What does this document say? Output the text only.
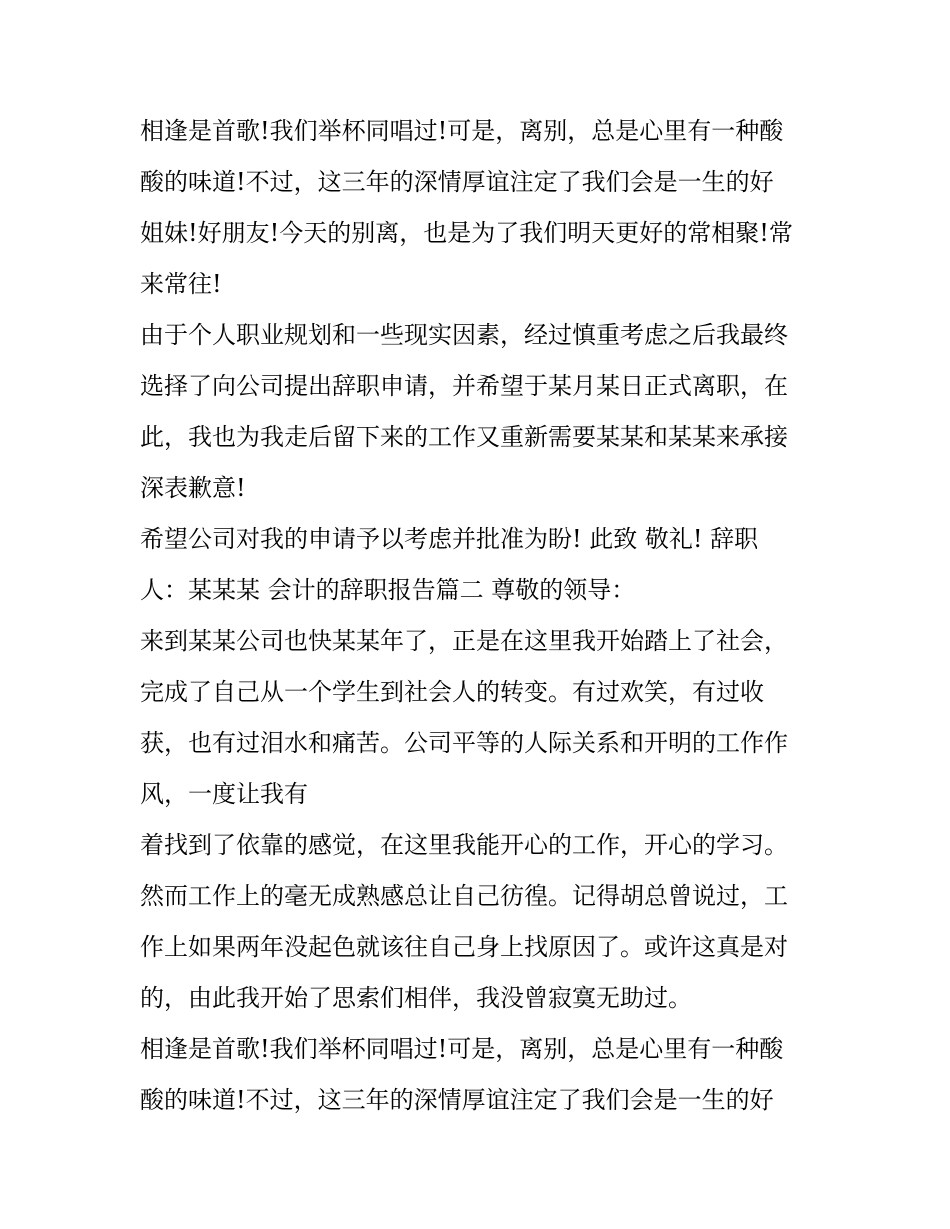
相逢是首歌!我们举杯同唱过!可是，离别，总是心里有一种酸
酸的味道!不过，这三年的深情厚谊注定了我们会是一生的好
姐妹!好朋友!今天的别离，也是为了我们明天更好的常相聚!常
来常往!
由于个人职业规划和一些现实因素，经过慎重考虑之后我最终
选择了向公司提出辞职申请，并希望于某月某日正式离职，在
此，我也为我走后留下来的工作又重新需要某某和某某来承接
深表歉意!
希望公司对我的申请予以考虑并批准为盼! 此致 敬礼! 辞职
人：某某某 会计的辞职报告篇二 尊敬的领导：
来到某某公司也快某某年了，正是在这里我开始踏上了社会，
完成了自己从一个学生到社会人的转变。有过欢笑，有过收
获，也有过泪水和痛苦。公司平等的人际关系和开明的工作作
风，一度让我有
着找到了依靠的感觉，在这里我能开心的工作，开心的学习。
然而工作上的毫无成熟感总让自己彷徨。记得胡总曾说过，工
作上如果两年没起色就该往自己身上找原因了。或许这真是对
的，由此我开始了思索们相伴，我没曾寂寞无助过。
相逢是首歌!我们举杯同唱过!可是，离别，总是心里有一种酸
酸的味道!不过，这三年的深情厚谊注定了我们会是一生的好
